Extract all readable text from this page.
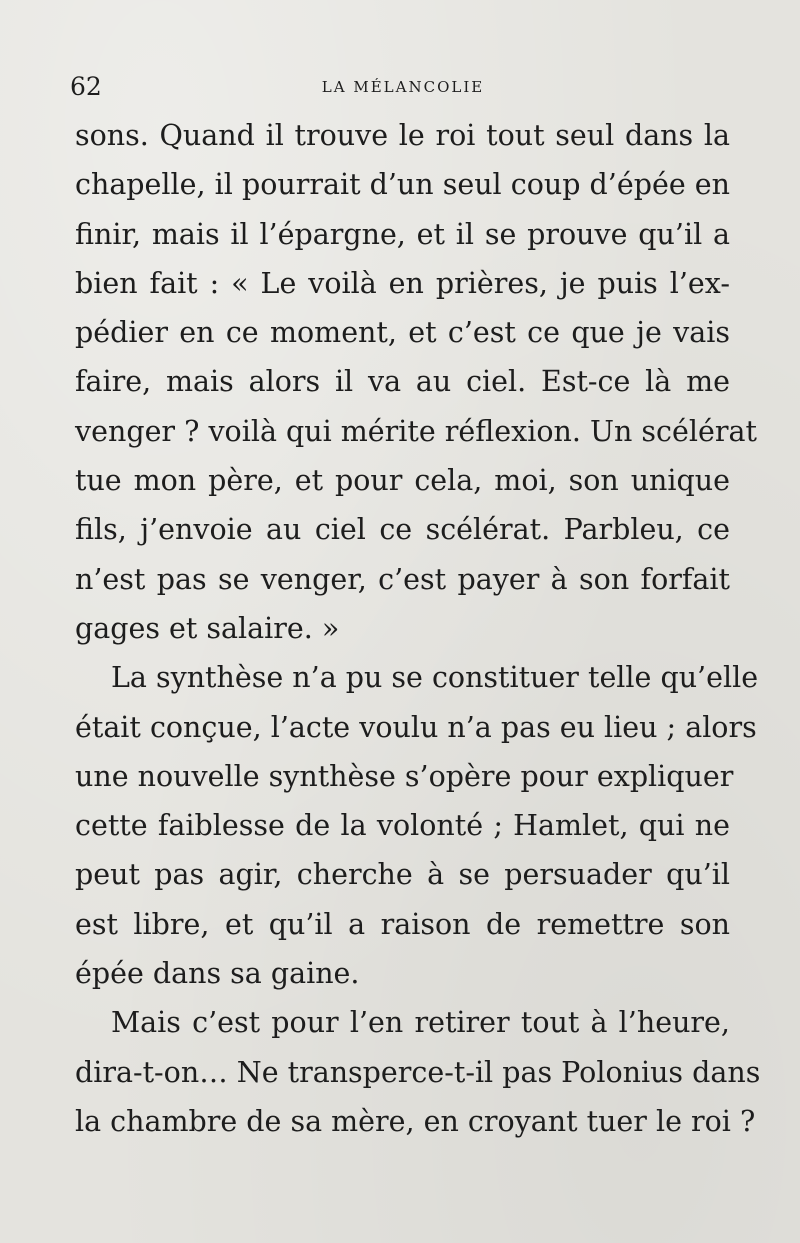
62	LA MÉLANCOLIE
sons. Quand il trouve le roi tout seul dans la
chapelle, il pourrait d’un seul coup d’épée en
finir, mais il l’épargne, et il se prouve qu’il a
bien fait : « Le voilà en prières, je puis l’ex-
pédier en ce moment, et c’est ce que je vais
faire, mais alors il va au ciel. Est-ce là me
venger ? voilà qui mérite réflexion. Un scélérat
tue mon père, et pour cela, moi, son unique
fils, j’envoie au ciel ce scélérat. Parbleu, ce
n’est pas se venger, c’est payer à son forfait
gages et salaire. »
La synthèse n’a pu se constituer telle qu’elle
était conçue, l’acte voulu n’a pas eu lieu ; alors
une nouvelle synthèse s’opère pour expliquer
cette faiblesse de la volonté ; Hamlet, qui ne
peut pas agir, cherche à se persuader qu’il
est libre, et qu’il a raison de remettre son
épée dans sa gaine.
Mais c’est pour l’en retirer tout à l’heure,
dira-t-on… Ne transperce-t-il pas Polonius dans
la chambre de sa mère, en croyant tuer le roi ?
